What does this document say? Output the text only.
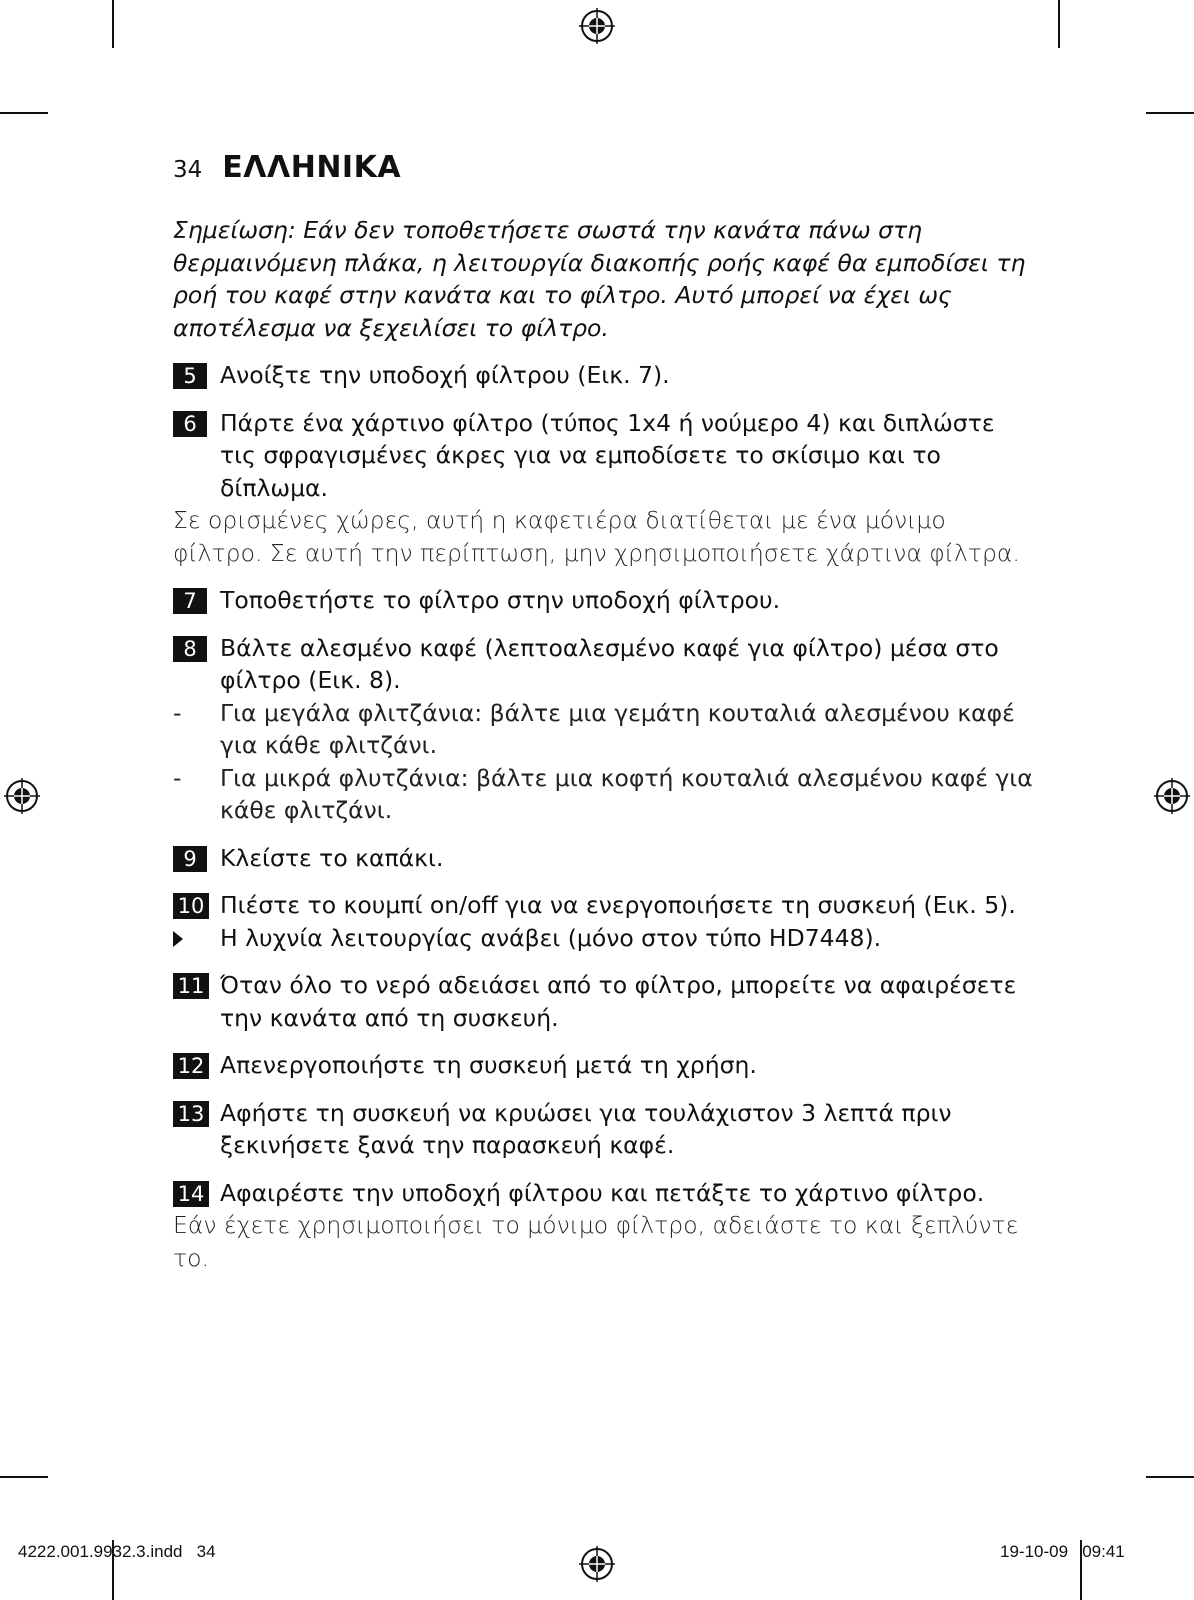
34 ΕΛΛΗΝΙΚΑ

Σημείωση: Εάν δεν τοποθετήσετε σωστά την κανάτα πάνω στη θερμαινόμενη πλάκα, η λειτουργία διακοπής ροής καφέ θα εμποδίσει τη ροή του καφέ στην κανάτα και το φίλτρο. Αυτό μπορεί να έχει ως αποτέλεσμα να ξεχειλίσει το φίλτρο.

5 Ανοίξτε την υποδοχή φίλτρου (Εικ. 7).

6 Πάρτε ένα χάρτινο φίλτρο (τύπος 1x4 ή νούμερο 4) και διπλώστε τις σφραγισμένες άκρες για να εμποδίσετε το σκίσιμο και το δίπλωμα.

Σε ορισμένες χώρες, αυτή η καφετιέρα διατίθεται με ένα μόνιμο φίλτρο. Σε αυτή την περίπτωση, μην χρησιμοποιήσετε χάρτινα φίλτρα.

7 Τοποθετήστε το φίλτρο στην υποδοχή φίλτρου.

8 Βάλτε αλεσμένο καφέ (λεπτοαλεσμένο καφέ για φίλτρο) μέσα στο φίλτρο (Εικ. 8).

-	Για μεγάλα φλιτζάνια: βάλτε μια γεμάτη κουταλιά αλεσμένου καφέ για κάθε φλιτζάνι.
-	Για μικρά φλυτζάνια: βάλτε μια κοφτή κουταλιά αλεσμένου καφέ για κάθε φλιτζάνι.

9 Κλείστε το καπάκι.

10 Πιέστε το κουμπί on/off για να ενεργοποιήσετε τη συσκευή (Εικ. 5).

Η λυχνία λειτουργίας ανάβει (μόνο στον τύπο HD7448).

11 Όταν όλο το νερό αδειάσει από το φίλτρο, μπορείτε να αφαιρέσετε την κανάτα από τη συσκευή.

12 Απενεργοποιήστε τη συσκευή μετά τη χρήση.

13 Αφήστε τη συσκευή να κρυώσει για τουλάχιστον 3 λεπτά πριν ξεκινήσετε ξανά την παρασκευή καφέ.

14 Αφαιρέστε την υποδοχή φίλτρου και πετάξτε το χάρτινο φίλτρο.

Εάν έχετε χρησιμοποιήσει το μόνιμο φίλτρο, αδειάστε το και ξεπλύντε το.

4222.001.9932.3.indd   34	19-10-09   09:41
